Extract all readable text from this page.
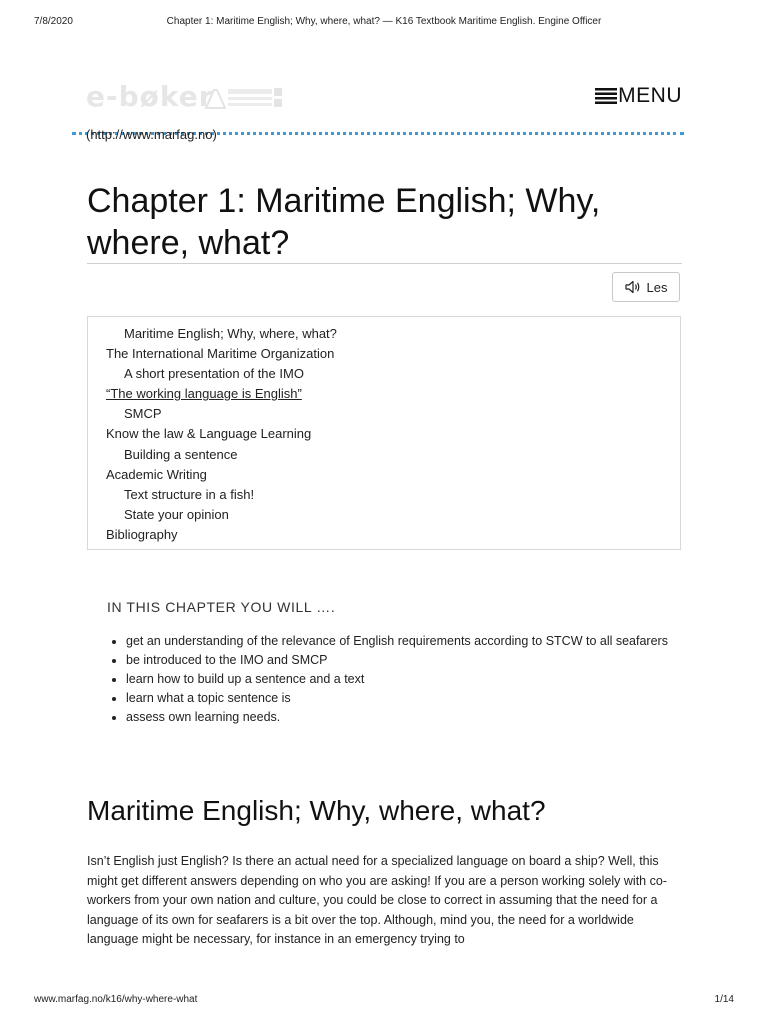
7/8/2020	Chapter 1: Maritime English; Why, where, what? — K16 Textbook Maritime English. Engine Officer
e-bøker
(http://www.marfag.no)
MENU
Chapter 1: Maritime English; Why, where, what?
Les
Maritime English; Why, where, what?
The International Maritime Organization
A short presentation of the IMO
“The working language is English”
SMCP
Know the law & Language Learning
Building a sentence
Academic Writing
Text structure in a fish!
State your opinion
Bibliography
IN THIS CHAPTER YOU WILL ….
• get an understanding of the relevance of English requirements according to STCW to all seafarers
• be introduced to the IMO and SMCP
• learn how to build up a sentence and a text
• learn what a topic sentence is
• assess own learning needs.
Maritime English; Why, where, what?

Isn’t English just English? Is there an actual need for a specialized language on board a ship? Well, this might get different answers depending on who you are asking! If you are a person working solely with co-workers from your own nation and culture, you could be close to correct in assuming that the need for a language of its own for seafarers is a bit over the top. Although, mind you, the need for a worldwide language might be necessary, for instance in an emergency trying to

www.marfag.no/k16/why-where-what	1/14
